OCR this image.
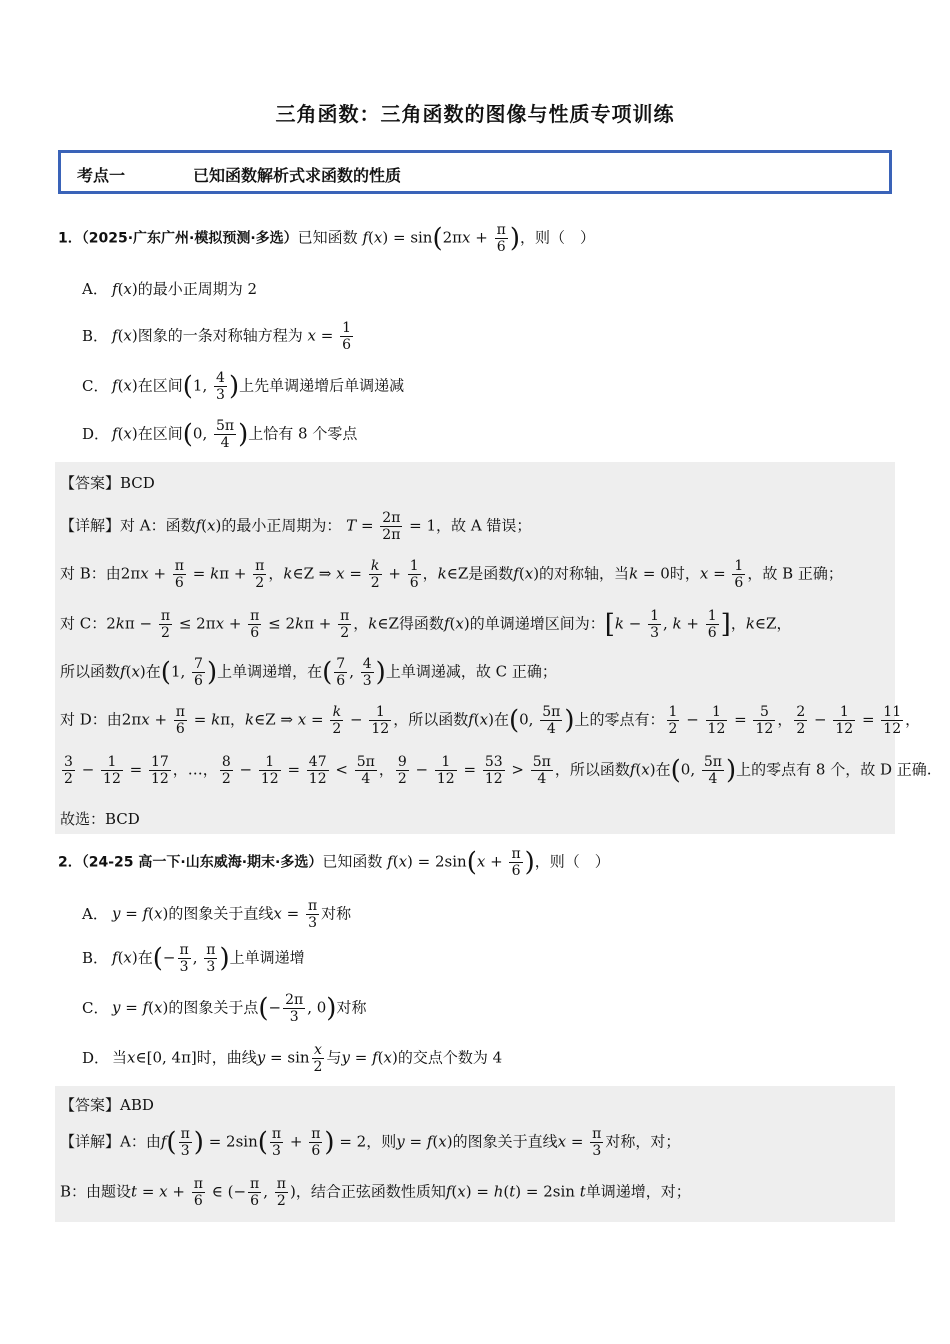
三角函数：三角函数的图像与性质专项训练
考点一	已知函数解析式求函数的性质
1．（2025·广东广州·模拟预测·多选）已知函数 $f(x) = \sin(2\pi x + \frac{\pi}{6}$ )，则（　）
A． f(x)的最小正周期为 2
B． f(x)图象的一条对称轴方程为 $x = \frac{1}{6}$
C． f(x)在区间(1, $\frac{4}{3}$ )上先单调递增后单调递减
D． f(x)在区间(0, $\frac{5\pi}{4}$ )上恰有 8 个零点
【答案】BCD
【详解】对 A：函数f(x)的最小正周期为： $T = \frac{2\pi}{2\pi} = 1$，故 A 错误；
对 B：由$2\pi x + \frac{\pi}{6} = k\pi + \frac{\pi}{2}$ ，k∈Z ⇒ $x = \frac{k}{2} + \frac{1}{6}$ ，k∈Z是函数f(x)的对称轴，当k = 0时，$x = \frac{1}{6}$ ，故 B 正确；
对 C：$2k\pi - \frac{\pi}{2} \le 2\pi x + \frac{\pi}{6} \le 2k\pi + \frac{\pi}{2}$ ，k∈Z得函数f(x)的单调递增区间为：[$k - \frac{1}{3}$ , $k + \frac{1}{6}$ ]，k∈Z，
所以函数f(x)在(1, $\frac{7}{6}$ )上单调递增，在( $\frac{7}{6}$ , $\frac{4}{3}$ )上单调递减，故 C 正确；
对 D：由$2\pi x + \frac{\pi}{6} = k\pi$，k∈Z ⇒ $x = \frac{k}{2} - \frac{1}{12}$ ，所以函数f(x)在(0, $\frac{5\pi}{4}$ )上的零点有： $\frac{1}{2} - \frac{1}{12} = \frac{5}{12}$ ， $\frac{2}{2} - \frac{1}{12} = \frac{11}{12}$ ，
$\frac{3}{2} - \frac{1}{12} = \frac{17}{12}$ ，…， $\frac{8}{2} - \frac{1}{12} = \frac{47}{12} < \frac{5\pi}{4}$ ， $\frac{9}{2} - \frac{1}{12} = \frac{53}{12} > \frac{5\pi}{4}$ ，所以函数f(x)在(0, $\frac{5\pi}{4}$ )上的零点有 8 个，故 D 正确.
故选：BCD
2．（24-25 高一下·山东威海·期末·多选）已知函数 $f(x) = 2\sin(x + \frac{\pi}{6}$ )，则（　）
A． y = f(x)的图象关于直线$x = \frac{\pi}{3}$ 对称
B． f(x)在(− $\frac{\pi}{3}$ , $\frac{\pi}{3}$ )上单调递增
C． y = f(x)的图象关于点(− $\frac{2\pi}{3}$ , 0)对称
D． 当x∈[0, 4π]时，曲线$y = \sin \frac{x}{2}$ 与y = f(x)的交点个数为 4
【答案】ABD
【详解】A：由$f( \frac{\pi}{3}$ ) = $2\sin( \frac{\pi}{3} + \frac{\pi}{6}$ ) = 2，则y = f(x)的图象关于直线$x = \frac{\pi}{3}$ 对称，对；
B：由题设$t = x + \frac{\pi}{6}$ ∈ (− $\frac{\pi}{6}$ , $\frac{\pi}{2}$ )，结合正弦函数性质知f(x) = h(t) = 2sin t单调递增，对；
